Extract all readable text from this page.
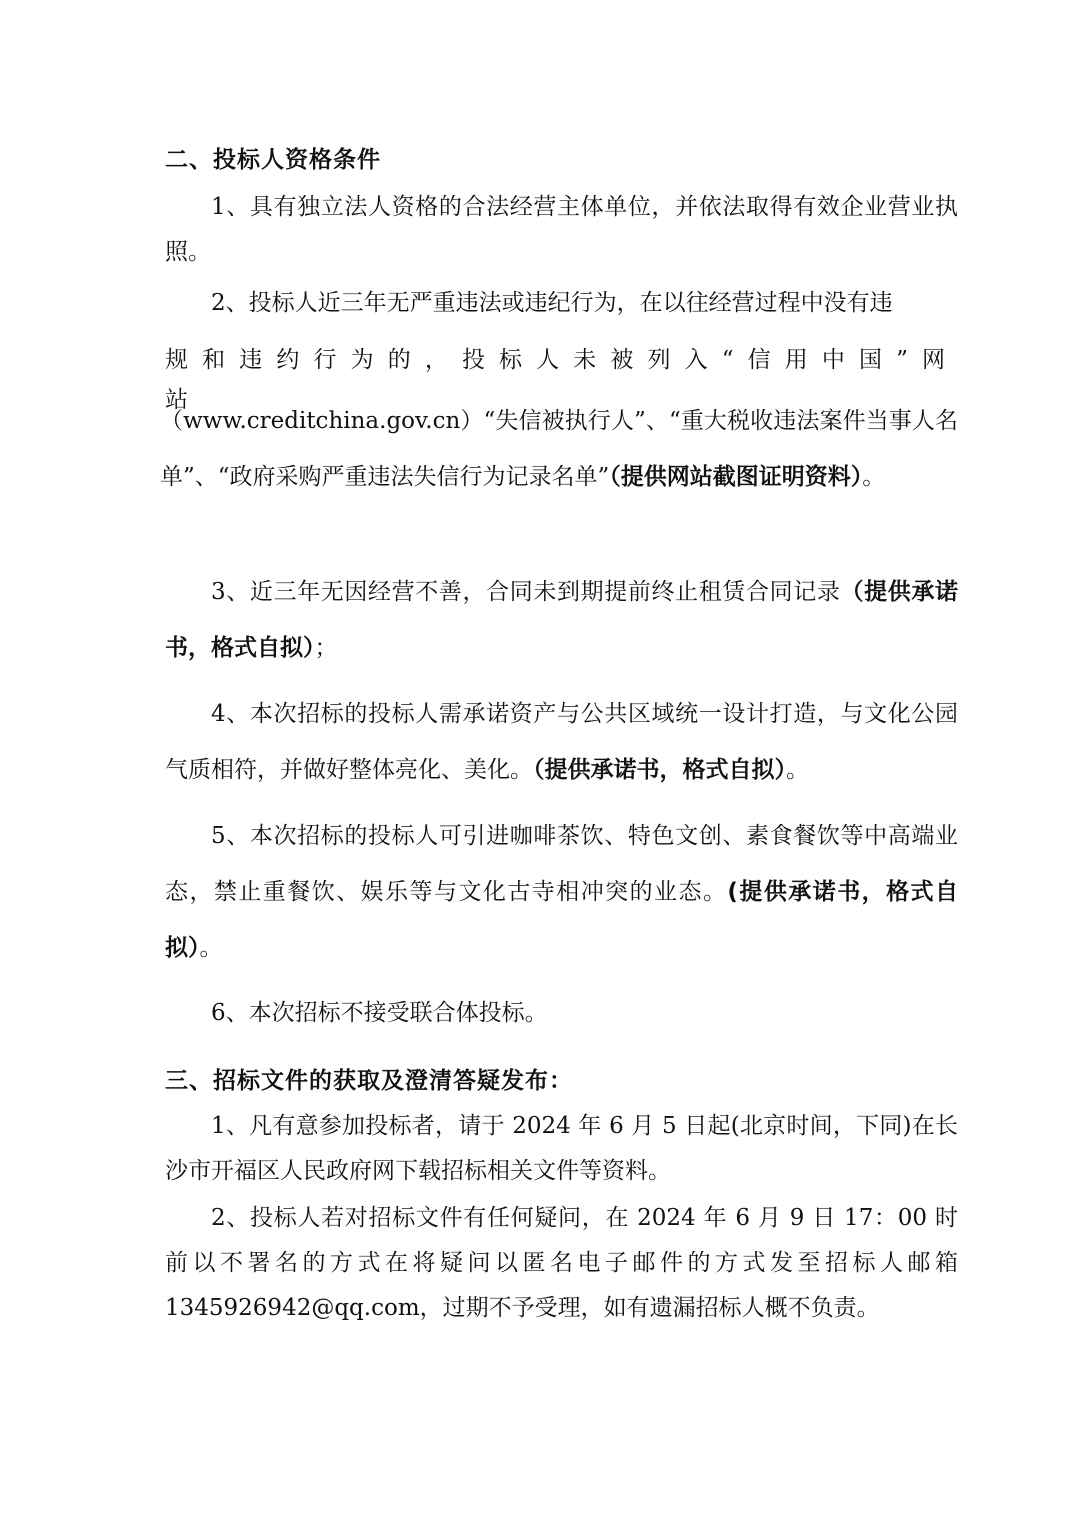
二、投标人资格条件

1、具有独立法人资格的合法经营主体单位，并依法取得有效企业营业执照。

2、投标人近三年无严重违法或违纪行为，在以往经营过程中没有违

规和违约行为的，投标人未被列入“信用中国”网站

（www.creditchina.gov.cn）“失信被执行人”、“重大税收违法案件当事人名单”、“政府采购严重违法失信行为记录名单”（提供网站截图证明资料）。

3、近三年无因经营不善，合同未到期提前终止租赁合同记录（提供承诺书，格式自拟）；

4、本次招标的投标人需承诺资产与公共区域统一设计打造，与文化公园气质相符，并做好整体亮化、美化。（提供承诺书，格式自拟）。

5、本次招标的投标人可引进咖啡茶饮、特色文创、素食餐饮等中高端业态，禁止重餐饮、娱乐等与文化古寺相冲突的业态。(提供承诺书，格式自拟）。

6、本次招标不接受联合体投标。

三、招标文件的获取及澄清答疑发布：

1、凡有意参加投标者，请于 2024 年 6 月 5 日起(北京时间，下同)在长沙市开福区人民政府网下载招标相关文件等资料。

2、投标人若对招标文件有任何疑问，在 2024 年 6 月 9 日 17：00 时前以不署名的方式在将疑问以匿名电子邮件的方式发至招标人邮箱 1345926942@qq.com，过期不予受理，如有遗漏招标人概不负责。
